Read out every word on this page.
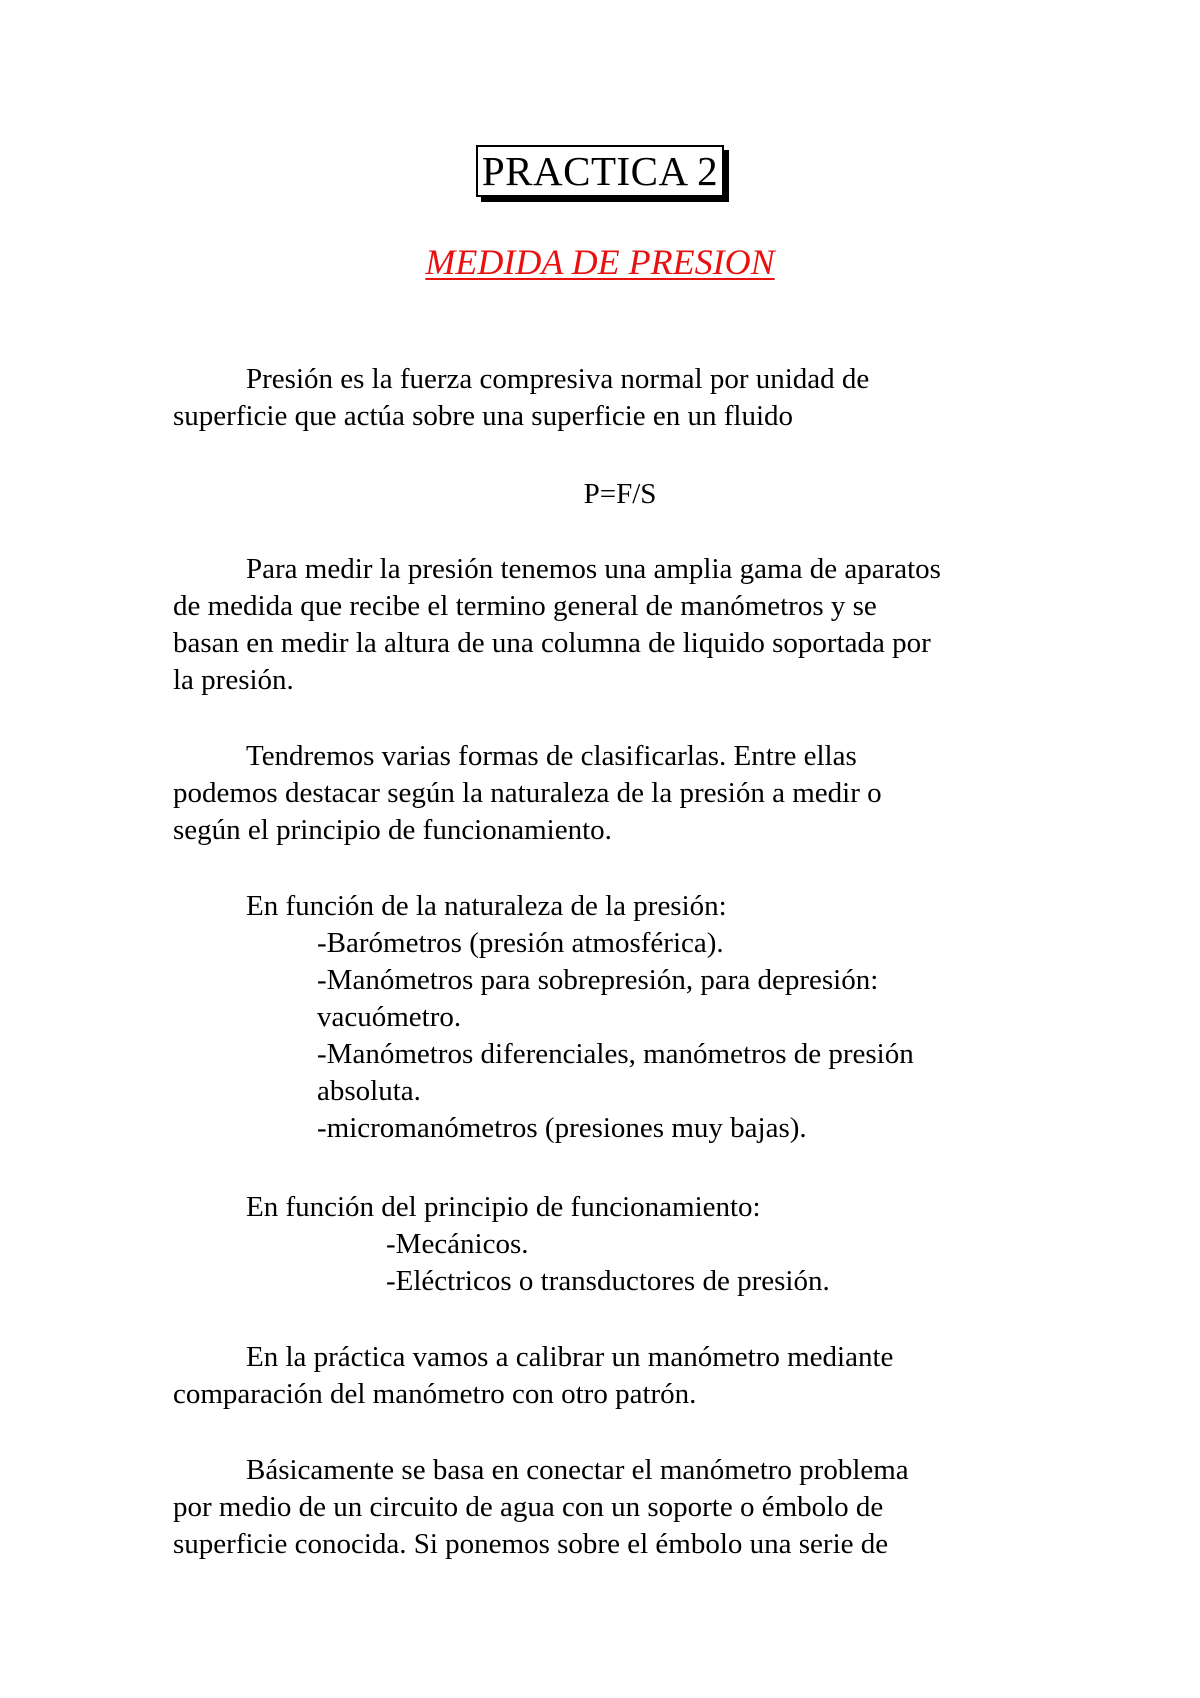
PRACTICA 2
MEDIDA DE PRESION
Presión es la fuerza compresiva normal por unidad de
superficie que actúa sobre una superficie en un fluido
P=F/S
Para medir la presión tenemos una amplia gama de aparatos
de medida que recibe el termino general de manómetros y se
basan en medir la altura de una columna de liquido soportada por
la presión.
Tendremos varias formas de clasificarlas. Entre ellas
podemos destacar según la naturaleza de la presión a medir o
según el principio de funcionamiento.
En función de la naturaleza de la presión:
-Barómetros (presión atmosférica).
-Manómetros para sobrepresión, para depresión:
vacuómetro.
-Manómetros diferenciales, manómetros de presión
absoluta.
-micromanómetros (presiones muy bajas).
En función del principio de funcionamiento:
-Mecánicos.
-Eléctricos o transductores de presión.
En la práctica vamos a calibrar un manómetro mediante
comparación del manómetro con otro patrón.
Básicamente se basa en conectar el manómetro problema
por medio de un circuito de agua con un soporte o émbolo de
superficie conocida. Si ponemos sobre el émbolo una serie de
